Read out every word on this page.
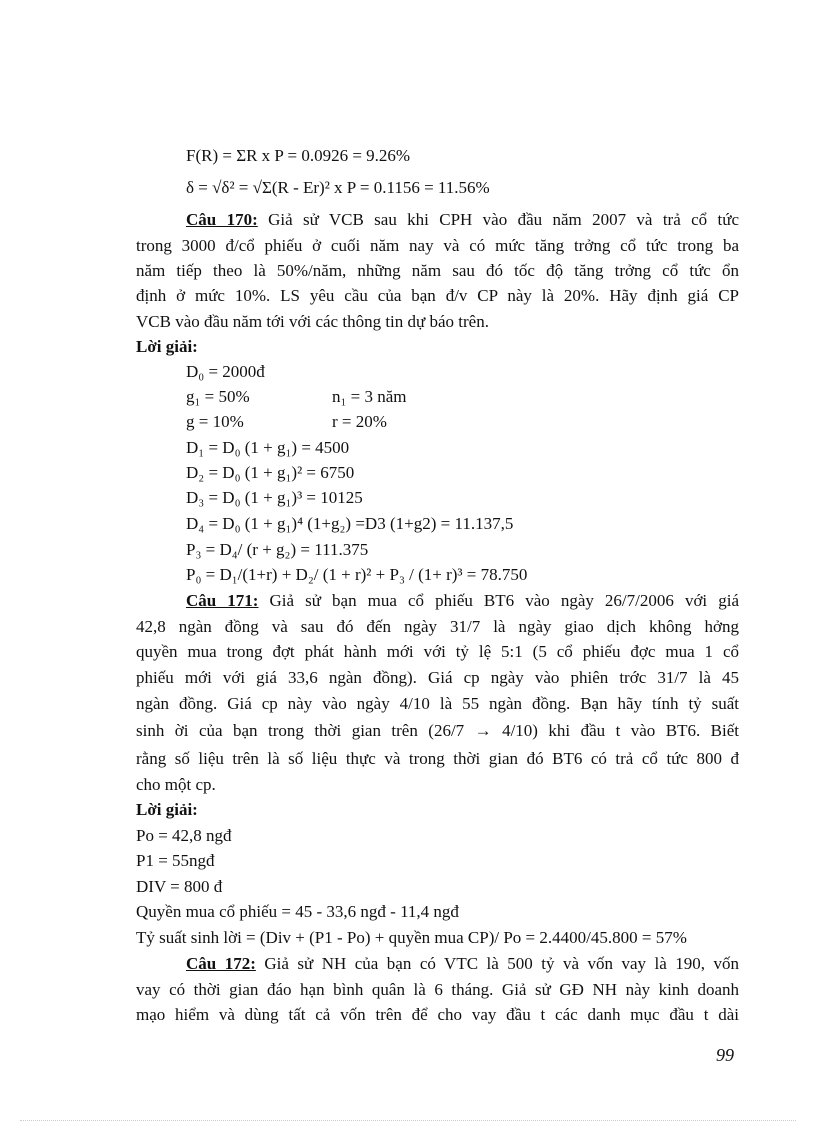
F(R) = ΣR x P = 0.0926 = 9.26%
δ = √δ² = √Σ(R - Er)² x P = 0.1156 = 11.56%
Câu 170: Giả sử VCB sau khi CPH vào đầu năm 2007 và trả cổ tức
trong 3000 đ/cổ phiếu ở cuối năm nay và có mức tăng trởng cổ tức trong ba
năm tiếp theo là 50%/năm, những năm sau đó tốc độ tăng trởng cổ tức ổn
định ở mức 10%. LS yêu cầu của bạn đ/v CP này là 20%. Hãy định giá CP
VCB vào đầu năm tới với các thông tin dự báo trên.
Lời giải:
D₀ = 2000đ
g₁ = 50%	n₁ = 3 năm
g = 10%	r = 20%
D₁ = D₀ (1 + g₁) = 4500
D₂ = D₀ (1 + g₁)² = 6750
D₃ = D₀ (1 + g₁)³ = 10125
D₄ = D₀ (1 + g₁)⁴ (1+g₂) =D3 (1+g2) = 11.137,5
P₃ = D₄/ (r + g₂) = 111.375
P₀ = D₁/(1+r) + D₂/ (1 + r)² + P₃ / (1+ r)³ = 78.750
Câu 171: Giả sử bạn mua cổ phiếu BT6 vào ngày 26/7/2006 với giá
42,8 ngàn đồng và sau đó đến ngày 31/7 là ngày giao dịch không hởng
quyền mua trong đợt phát hành mới với tỷ lệ 5:1 (5 cổ phiếu đợc mua 1 cổ
phiếu mới với giá 33,6 ngàn đồng). Giá cp ngày vào phiên trớc 31/7 là 45
ngàn đồng. Giá cp này vào ngày 4/10 là 55 ngàn đồng. Bạn hãy tính tỷ suất
sinh ời của bạn trong thời gian trên (26/7 → 4/10) khi đầu t vào BT6. Biết
rằng số liệu trên là số liệu thực và trong thời gian đó BT6 có trả cổ tức 800 đ
cho một cp.
Lời giải:
Po = 42,8 ngđ
P1 = 55ngđ
DIV = 800 đ
Quyền mua cổ phiếu = 45 - 33,6 ngđ - 11,4 ngđ
Tỷ suất sinh lời = (Div + (P1 - Po) + quyền mua CP)/ Po = 2.4400/45.800 = 57%
Câu 172: Giả sử NH của bạn có VTC là 500 tỷ và vốn vay là 190, vốn
vay có thời gian đáo hạn bình quân là 6 tháng. Giả sử GĐ NH này kinh doanh
mạo hiểm và dùng tất cả vốn trên để cho vay đầu t các danh mục đầu t dài
99
